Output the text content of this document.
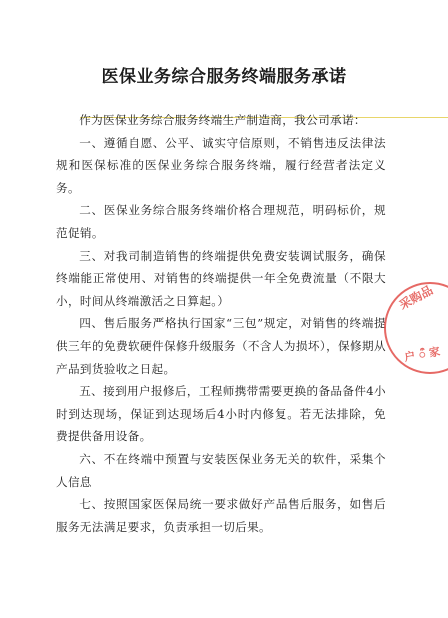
医保业务综合服务终端服务承诺

作为医保业务综合服务终端生产制造商，我公司承诺：

一、遵循自愿、公平、诚实守信原则，不销售违反法律法规和医保标准的医保业务综合服务终端，履行经营者法定义务。

二、医保业务综合服务终端价格合理规范，明码标价，规范促销。

三、对我司制造销售的终端提供免费安装调试服务，确保终端能正常使用、对销售的终端提供一年全免费流量（不限大小，时间从终端激活之日算起。）

四、售后服务严格执行国家“三包”规定，对销售的终端提供三年的免费软硬件保修升级服务（不含人为损坏），保修期从产品到货验收之日起。

五、接到用户报修后，工程师携带需要更换的备品备件4小时到达现场，保证到达现场后4小时内修复。若无法排除，免费提供备用设备。

六、不在终端中预置与安装医保业务无关的软件，采集个人信息

七、按照国家医保局统一要求做好产品售后服务，如售后服务无法满足要求，负责承担一切后果。

采购品
户 ऀ 家
